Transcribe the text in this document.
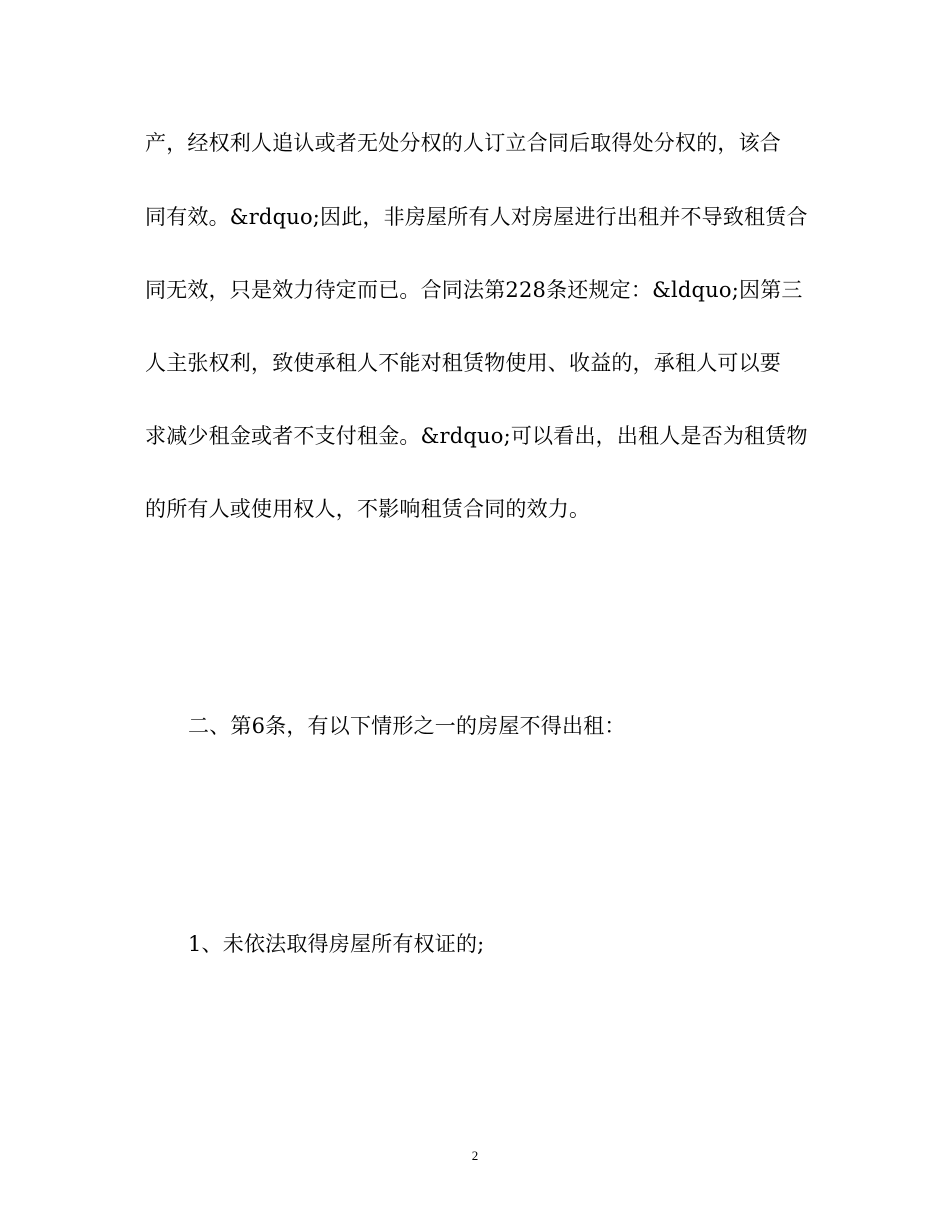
产，经权利人追认或者无处分权的人订立合同后取得处分权的，该合
同有效。&rdquo;因此，非房屋所有人对房屋进行出租并不导致租赁合
同无效，只是效力待定而已。合同法第228条还规定：&ldquo;因第三
人主张权利，致使承租人不能对租赁物使用、收益的，承租人可以要
求减少租金或者不支付租金。&rdquo;可以看出，出租人是否为租赁物
的所有人或使用权人，不影响租赁合同的效力。
二、第6条，有以下情形之一的房屋不得出租：
1、未依法取得房屋所有权证的;
2
